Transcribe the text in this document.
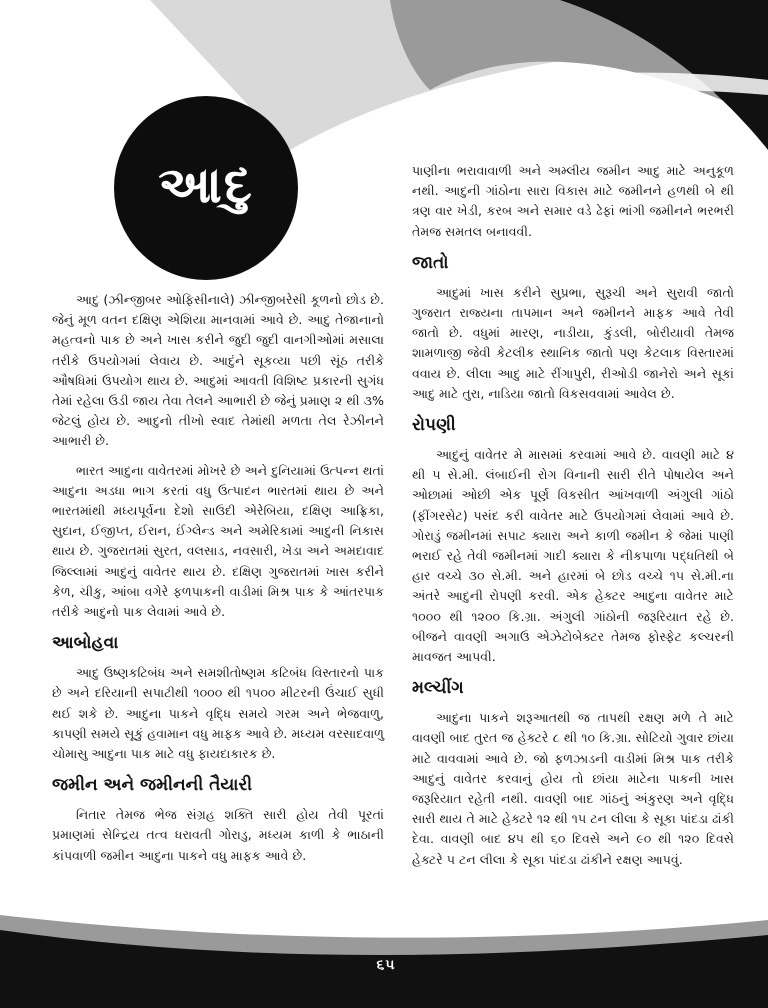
આદુ

આદુ (ઝીન્જીબર ઓફિસીનાલે) ઝીન્જીબરેસી કૂળનો છોડ છે. જેનું મૂળ વતન દક્ષિણ એશિયા માનવામાં આવે છે. આદુ તેજાનાનો મહત્વનો પાક છે અને ખાસ કરીને જુદી જુદી વાનગીઓમાં મસાલા તરીકે ઉપયોગમાં લેવાય છે. આદુંને સૂકવ્યા પછી સૂંઠ તરીકે ઔષધિમાં ઉપયોગ થાય છે. આદુમાં આવતી વિશિષ્ટ પ્રકારની સુગંધ તેમાં રહેલા ઉડી જાય તેવા તેલને આભારી છે જેનું પ્રમાણ ૨ થી ૩% જેટલું હોય છે. આદુનો તીખો સ્વાદ તેમાંથી મળતા તેલ રેઝીનને આભારી છે.

ભારત આદુના વાવેતરમાં મોખરે છે અને દુનિયામાં ઉત્પન્ન થતાં આદુના અડધા ભાગ કરતાં વધુ ઉત્પાદન ભારતમાં થાય છે અને ભારતમાંથી મધ્યપૂર્વના દેશો સાઉદી એરેબિયા, દક્ષિણ આફ્રિકા, સુદાન, ઈજીપ્ત, ઈરાન, ઈંગ્લેન્ડ અને અમેરિકામાં આદુની નિકાસ થાય છે. ગુજરાતમાં સુરત, વલસાડ, નવસારી, ખેડા અને અમદાવાદ જિલ્લામાં આદુનું વાવેતર થાય છે. દક્ષિણ ગુજરાતમાં ખાસ કરીને કેળ, ચીકુ, આંબા વગેરે ફળપાકની વાડીમાં મિશ્ર પાક કે આંતરપાક તરીકે આદુનો પાક લેવામાં આવે છે.

આબોહવા

આદુ ઉષ્ણકટિબંધ અને સમશીતોષ્ણમ કટિબંધ વિસ્તારનો પાક છે અને દરિયાની સપાટીથી ૧૦૦૦ થી ૧૫૦૦ મીટરની ઉંચાઈ સુધી થઈ શકે છે. આદુના પાકને વૃદ્ધિ સમયે ગરમ અને ભેજવાળુ, કાપણી સમયે સૂકું હવામાન વધુ માફક આવે છે. મધ્યમ વરસાદવાળુ ચોમાસુ આદુના પાક માટે વધુ ફાયદાકારક છે.

જમીન અને જમીનની તૈયારી

નિતાર તેમજ ભેજ સંગ્રહ શક્તિ સારી હોય તેવી પૂરતાં પ્રમાણમાં સેન્દ્રિય તત્વ ધરાવતી ગોરાડુ, મધ્યમ કાળી કે ભાઠાની કાંપવાળી જમીન આદુના પાકને વધુ માફક આવે છે.

પાણીના ભરાવાવાળી અને અમ્લીય જમીન આદુ માટે અનુકૂળ નથી. આદુની ગાંઠોના સારા વિકાસ માટે જમીનને હળથી બે થી ત્રણ વાર ખેડી, કરબ અને સમાર વડે ઢેફાં ભાંગી જમીનને ભરભરી તેમજ સમતલ બનાવવી.

જાતો

આદુમાં ખાસ કરીને સુપ્રભા, સુરૂચી અને સુરાવી જાતો ગુજરાત રાજ્યના તાપમાન અને જમીનને માફક આવે તેવી જાતો છે. વધુમાં મારણ, નાડીયા, કુંડલી, બોરીયાવી તેમજ શામળાજી જેવી કેટલીક સ્થાનિક જાતો પણ કેટલાક વિસ્તારમાં વવાય છે. લીલા આદુ માટે રીંગાપુરી, રીઓડી જાનેરો અને સૂકાં આદુ માટે તુરા, નાડિયા જાતો વિકસવવામાં આવેલ છે.

રોપણી

આદુનું વાવેતર મે માસમાં કરવામાં આવે છે. વાવણી માટે ૪ થી ૫ સે.મી. લંબાઈની રોગ વિનાની સારી રીતે પોષાયેલ અને ઓછામાં ઓછી એક પૂર્ણ વિકસીત આંખવાળી અંગુલી ગાંઠો (ફીંગરસેટ) પસંદ કરી વાવેતર માટે ઉપયોગમાં લેવામાં આવે છે. ગોરાડું જમીનમાં સપાટ ક્યારા અને કાળી જમીન કે જેમાં પાણી ભરાઈ રહે તેવી જમીનમાં ગાદી ક્યારા કે નીકપાળા પદ્ધતિથી બે હાર વચ્ચે ૩૦ સે.મી. અને હારમાં બે છોડ વચ્ચે ૧૫ સે.મી.ના અંતરે આદુની રોપણી કરવી. એક હેક્ટર આદુના વાવેતર માટે ૧૦૦૦ થી ૧૨૦૦ કિ.ગ્રા. અંગુલી ગાંઠોની જરૂરિયાત રહે છે. બીજને વાવણી અગાઉ એઝેટોબેક્ટર તેમજ ફોસ્ફેટ કલ્ચરની માવજત આપવી.

મલ્ચીંગ

આદુના પાકને શરૂઆતથી જ તાપથી રક્ષણ મળે તે માટે વાવણી બાદ તુરત જ હેક્ટરે ૮ થી ૧૦ કિ.ગ્રા. સોટિયો ગુવાર છાંયા માટે વાવવામાં આવે છે. જો ફળઝાડની વાડીમાં મિશ્ર પાક તરીકે આદુનું વાવેતર કરવાનું હોય તો છાંયા માટેના પાકની ખાસ જરૂરિયાત રહેતી નથી. વાવણી બાદ ગાંઠનું અંકુરણ અને વૃદ્ધિ સારી થાય તે માટે હેક્ટરે ૧૨ થી ૧૫ ટન લીલા કે સૂકા પાંદડા ઢાંકી દેવા. વાવણી બાદ ૪૫ થી ૬૦ દિવસે અને ૯૦ થી ૧૨૦ દિવસે હેક્ટરે ૫ ટન લીલા કે સૂકા પાંદડા ઢાંકીને રક્ષણ આપવું.

૬૫
